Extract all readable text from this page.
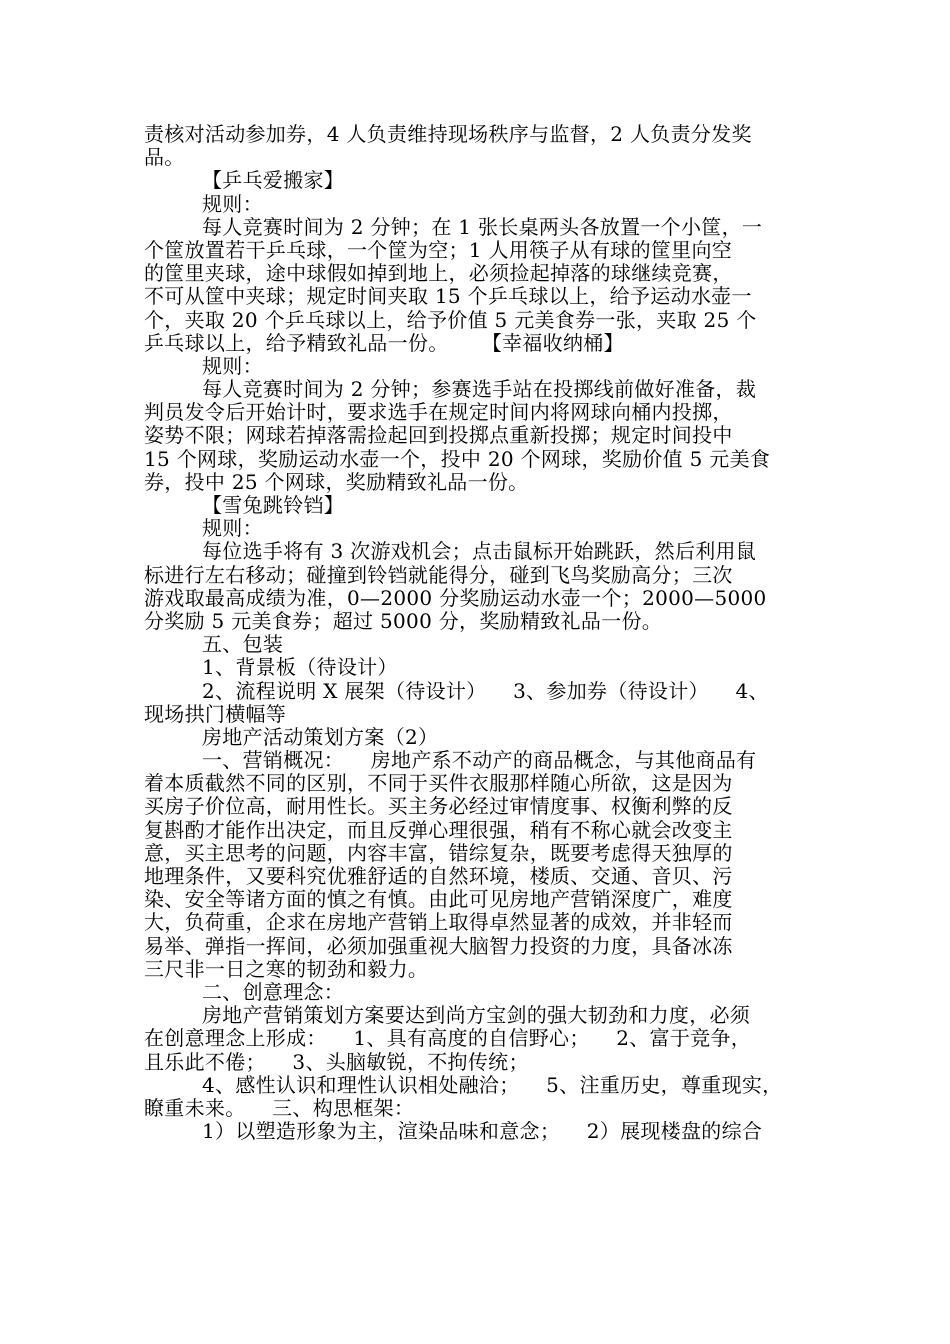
责核对活动参加券，4 人负责维持现场秩序与监督，2 人负责分发奖
品。
【乒乓爱搬家】
规则：
每人竞赛时间为 2 分钟；在 1 张长桌两头各放置一个小筐，一
个筐放置若干乒乓球，一个筐为空；1 人用筷子从有球的筐里向空
的筐里夹球，途中球假如掉到地上，必须捡起掉落的球继续竞赛，
不可从筐中夹球；规定时间夹取 15 个乒乓球以上，给予运动水壶一
个，夹取 20 个乒乓球以上，给予价值 5 元美食券一张，夹取 25 个
乒乓球以上，给予精致礼品一份。     【幸福收纳桶】
规则：
每人竞赛时间为 2 分钟；参赛选手站在投掷线前做好准备，裁
判员发令后开始计时，要求选手在规定时间内将网球向桶内投掷，
姿势不限；网球若掉落需捡起回到投掷点重新投掷；规定时间投中
15 个网球，奖励运动水壶一个，投中 20 个网球，奖励价值 5 元美食
券，投中 25 个网球，奖励精致礼品一份。
【雪兔跳铃铛】
规则：
每位选手将有 3 次游戏机会；点击鼠标开始跳跃，然后利用鼠
标进行左右移动；碰撞到铃铛就能得分，碰到飞鸟奖励高分；三次
游戏取最高成绩为准，0—2000 分奖励运动水壶一个；2000—5000
分奖励 5 元美食券；超过 5000 分，奖励精致礼品一份。
五、包装
1、背景板（待设计）
2、流程说明 X 展架（待设计）    3、参加券（待设计）    4、
现场拱门横幅等
房地产活动策划方案（2）
一、营销概况：    房地产系不动产的商品概念，与其他商品有
着本质截然不同的区别，不同于买件衣服那样随心所欲，这是因为
买房子价位高，耐用性长。买主务必经过审情度事、权衡利弊的反
复斟酌才能作出决定，而且反弹心理很强，稍有不称心就会改变主
意，买主思考的问题，内容丰富，错综复杂，既要考虑得天独厚的
地理条件，又要科究优雅舒适的自然环境，楼质、交通、音贝、污
染、安全等诸方面的慎之有慎。由此可见房地产营销深度广，难度
大，负荷重，企求在房地产营销上取得卓然显著的成效，并非轻而
易举、弹指一挥间，必须加强重视大脑智力投资的力度，具备冰冻
三尺非一日之寒的韧劲和毅力。
二、创意理念：
房地产营销策划方案要达到尚方宝剑的强大韧劲和力度，必须
在创意理念上形成：    1、具有高度的自信野心；    2、富于竞争，
且乐此不倦；    3、头脑敏锐，不拘传统；
4、感性认识和理性认识相处融洽；    5、注重历史，尊重现实，
瞭重未来。    三、构思框架：
1）以塑造形象为主，渲染品味和意念；    2）展现楼盘的综合
